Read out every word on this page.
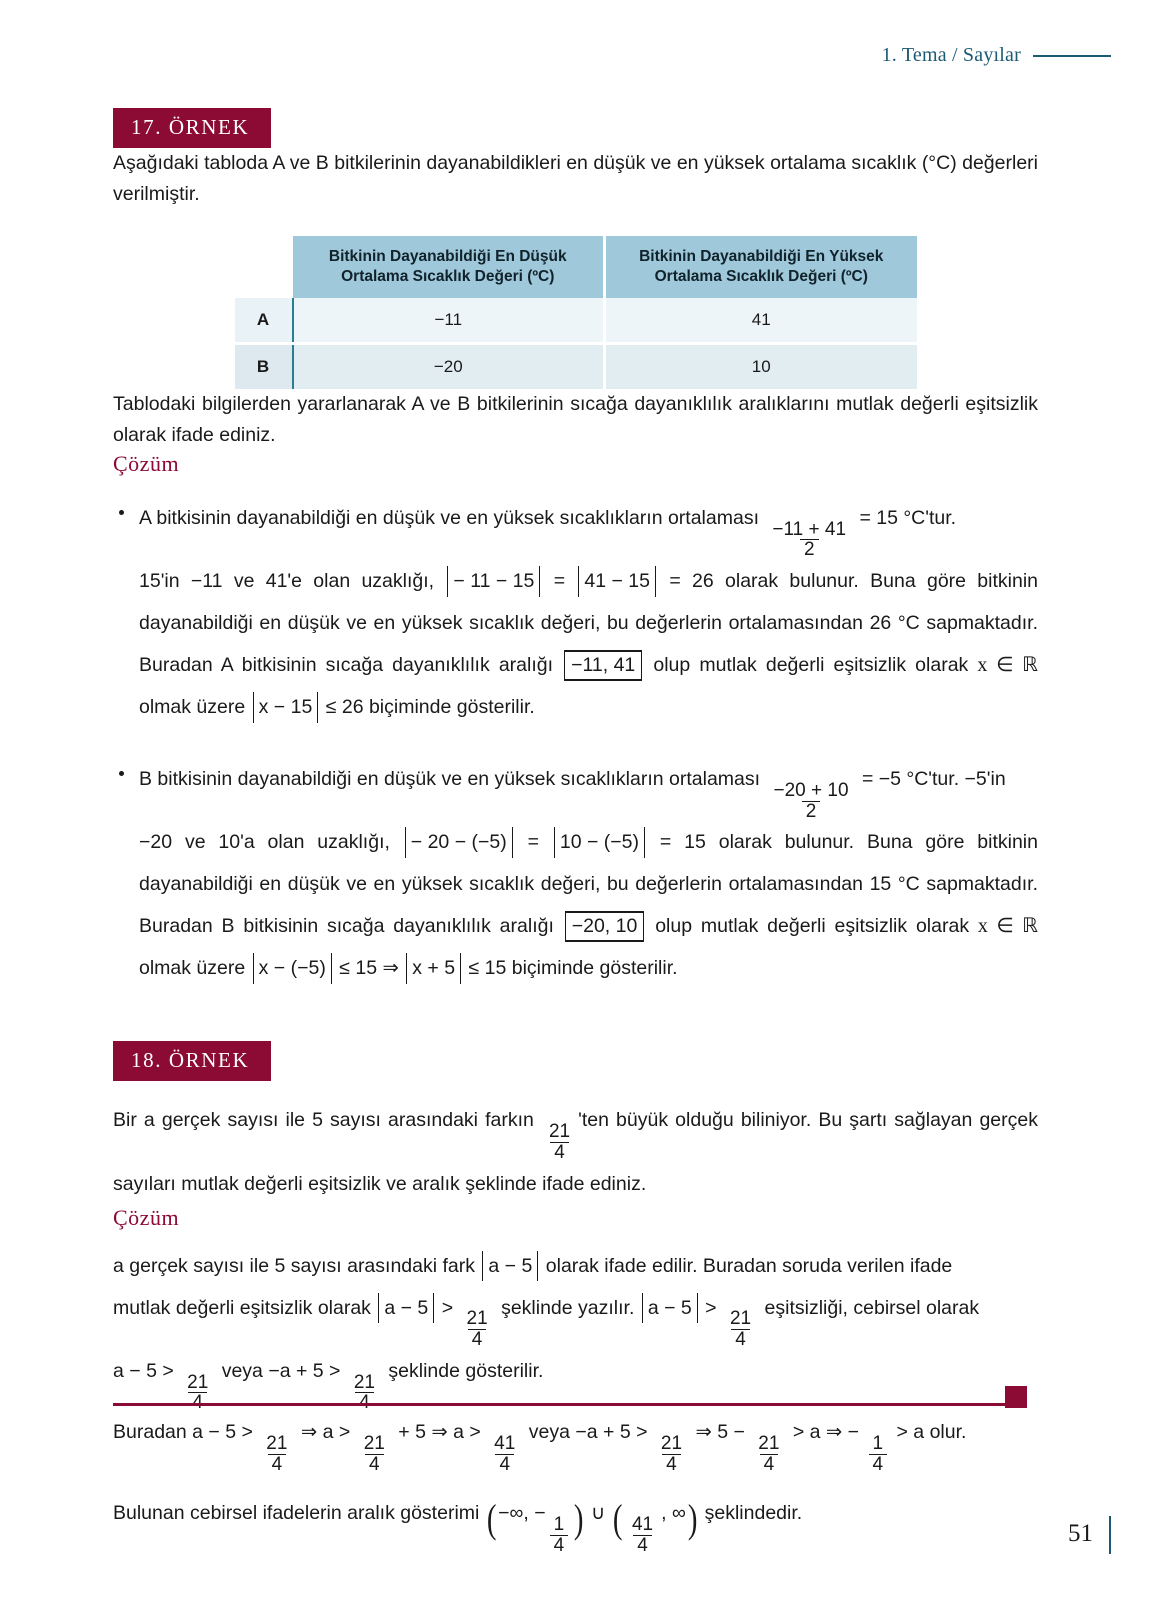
1. Tema / Sayılar
17. ÖRNEK

Aşağıdaki tabloda A ve B bitkilerinin dayanabildikleri en düşük ve en yüksek ortalama sıcaklık (°C) değerleri verilmiştir.

	Bitkinin Dayanabildiği En Düşük
Ortalama Sıcaklık Değeri (ºC)	Bitkinin Dayanabildiği En Yüksek
Ortalama Sıcaklık Değeri (ºC)
A	−11	41
B	−20	10

Tablodaki bilgilerden yararlanarak A ve B bitkilerinin sıcağa dayanıklılık aralıklarını mutlak değerli eşitsizlik olarak ifade ediniz.

Çözüm

A bitkisinin dayanabildiği en düşük ve en yüksek sıcaklıkların ortalaması
$\frac{-11 + 41}{2}$
= 15 °C'tur.
15'in −11 ve 41'e olan uzaklığı, − 11 − 15 = 41 − 15 = 26 olarak bulunur. Buna göre bitkinin dayanabildiği en düşük ve en yüksek sıcaklık değeri, bu değerlerin ortalamasından 26 °C sapmaktadır. Buradan A bitkisinin sıcağa dayanıklılık aralığı −11, 41 olup mutlak değerli eşitsizlik olarak x ∈ ℝ olmak üzere x − 15 ≤ 26 biçiminde gösterilir.
B bitkisinin dayanabildiği en düşük ve en yüksek sıcaklıkların ortalaması
$\frac{-20 + 10}{2}$
= −5 °C'tur. −5'in
−20 ve 10'a olan uzaklığı, − 20 − (−5) = 10 − (−5) = 15 olarak bulunur. Buna göre bitkinin dayanabildiği en düşük ve en yüksek sıcaklık değeri, bu değerlerin ortalamasından 15 °C sapmaktadır. Buradan B bitkisinin sıcağa dayanıklılık aralığı −20, 10 olup mutlak değerli eşitsizlik olarak x ∈ ℝ olmak üzere x − (−5) ≤ 15 ⇒ x + 5 ≤ 15 biçiminde gösterilir.
18. ÖRNEK
Bir a gerçek sayısı ile 5 sayısı arasındaki farkın
$\frac{21}{4}$
'ten büyük olduğu biliniyor. Bu şartı sağlayan gerçek sayıları mutlak değerli eşitsizlik ve aralık şeklinde ifade ediniz.

Çözüm

a gerçek sayısı ile 5 sayısı arasındaki fark a − 5 olarak ifade edilir. Buradan soruda verilen ifade
mutlak değerli eşitsizlik olarak a − 5 >
$\frac{21}{4}$
şeklinde yazılır. a − 5 >
$\frac{21}{4}$
eşitsizliği, cebirsel olarak
a − 5 >
21
veya −a + 5 >
21
şeklinde gösterilir.
Buradan a − 5 >
$\frac{21}{4}$
⇒ a >
$\frac{21}{4}$
+ 5 ⇒ a >
$\frac{41}{4}$
veya −a + 5 >
$\frac{21}{4}$
⇒ 5 −
$\frac{21}{4}$
> a ⇒ −
$\frac{1}{4}$
> a olur.
Bulunan cebirsel ifadelerin aralık gösterimi (−∞, −
$\frac{1}{4}$ ) ∪ ( $\frac{41}{4}$
, ∞) şeklindedir.
51
